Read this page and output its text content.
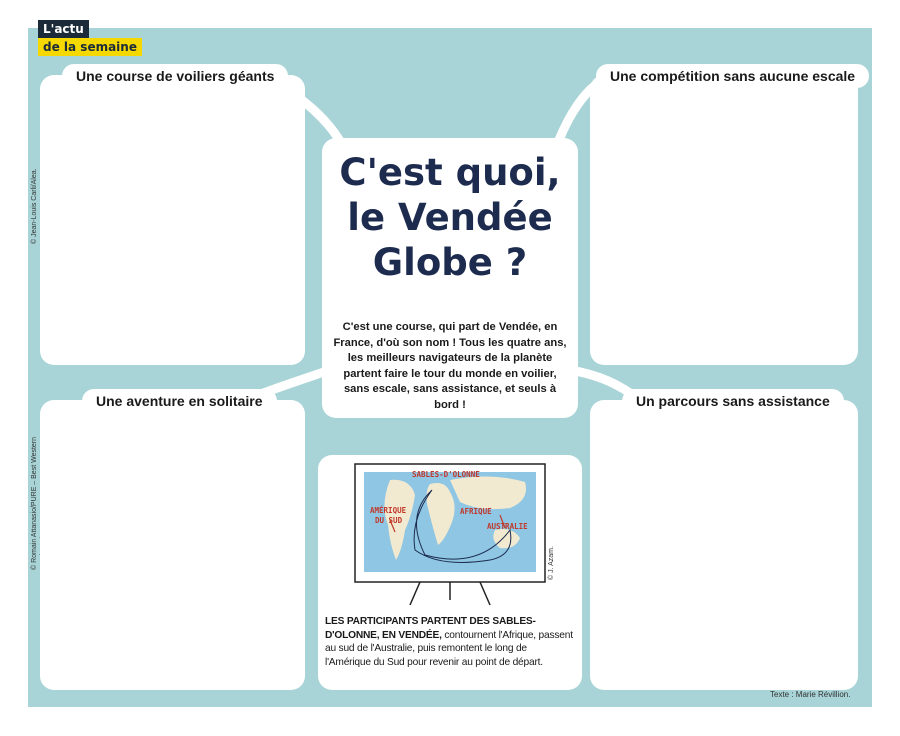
L'actu
de la semaine
Une course de voiliers géants
© Jean-Louis Carli/Alea.

Une compétition sans aucune escale

Une aventure en solitaire
© Romain Attanasio/PURE – Best Western
Un parcours sans assistance

C'est quoi,
le Vendée
Globe ?
C'est une course, qui part de Vendée, en France, d'où son nom ! Tous les quatre ans, les meilleurs navigateurs de la planète partent faire le tour du monde en voilier, sans escale, sans assistance, et seuls à bord !
SABLES-D'OLONNE
AMÉRIQUE
DU SUD
AFRIQUE
AUSTRALIE
© J. Azam.
LES PARTICIPANTS PARTENT DES SABLES-D'OLONNE, EN VENDÉE, contournent l'Afrique, passent au sud de l'Australie, puis remontent le long de l'Amérique du Sud pour revenir au point de départ.
Texte : Marie Révillion.
